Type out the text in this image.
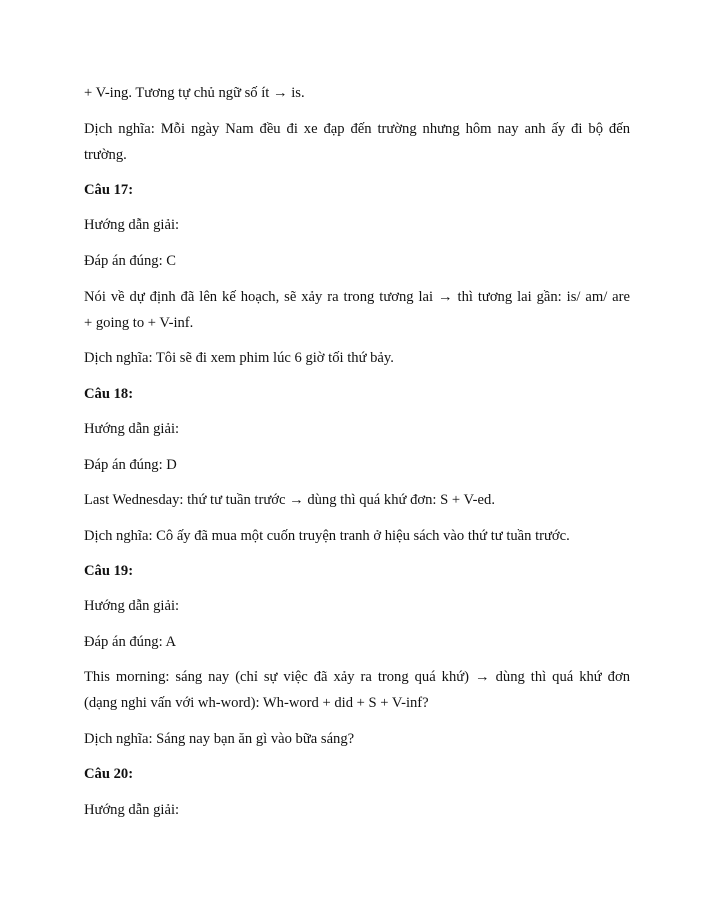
+ V-ing. Tương tự chủ ngữ số ít → is.
Dịch nghĩa: Mỗi ngày Nam đều đi xe đạp đến trường nhưng hôm nay anh ấy đi bộ đến
trường.
Câu 17:
Hướng dẫn giải:
Đáp án đúng: C
Nói về dự định đã lên kế hoạch, sẽ xảy ra trong tương lai → thì tương lai gần: is/ am/ are
+ going to + V-inf.
Dịch nghĩa: Tôi sẽ đi xem phim lúc 6 giờ tối thứ bảy.
Câu 18:
Hướng dẫn giải:
Đáp án đúng: D
Last Wednesday: thứ tư tuần trước → dùng thì quá khứ đơn: S + V-ed.
Dịch nghĩa: Cô ấy đã mua một cuốn truyện tranh ở hiệu sách vào thứ tư tuần trước.
Câu 19:
Hướng dẫn giải:
Đáp án đúng: A
This morning: sáng nay (chỉ sự việc đã xảy ra trong quá khứ) → dùng thì quá khứ đơn
(dạng nghi vấn với wh-word): Wh-word + did + S + V-inf?
Dịch nghĩa: Sáng nay bạn ăn gì vào bữa sáng?
Câu 20:
Hướng dẫn giải:
